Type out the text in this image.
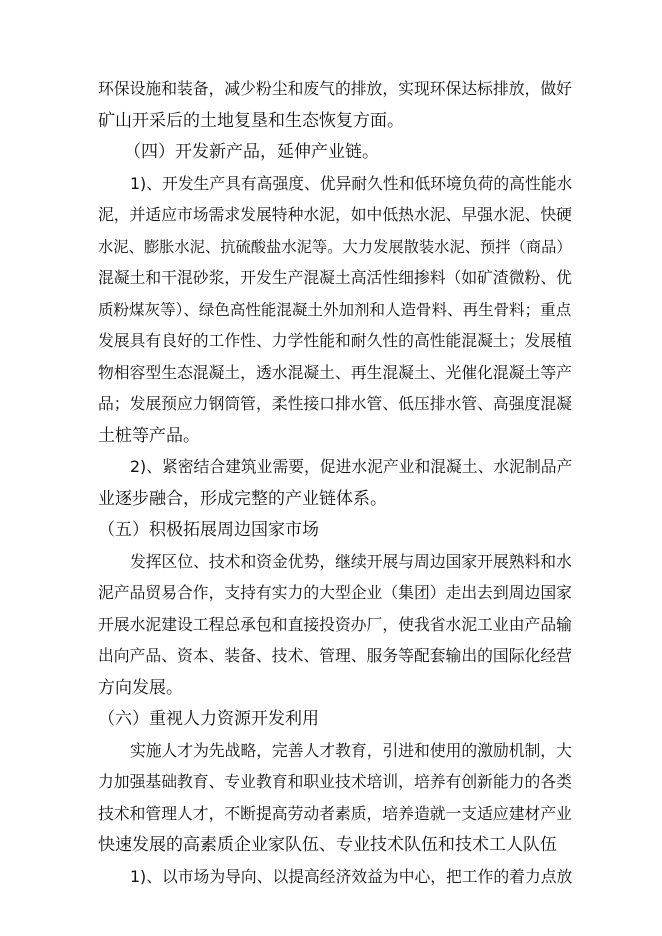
环保设施和装备，减少粉尘和废气的排放，实现环保达标排放，做好
矿山开采后的土地复垦和生态恢复方面。
（四）开发新产品，延伸产业链。
1)、开发生产具有高强度、优异耐久性和低环境负荷的高性能水
泥，并适应市场需求发展特种水泥，如中低热水泥、早强水泥、快硬
水泥、膨胀水泥、抗硫酸盐水泥等。大力发展散装水泥、预拌（商品）
混凝土和干混砂浆，开发生产混凝土高活性细掺料（如矿渣微粉、优
质粉煤灰等）、绿色高性能混凝土外加剂和人造骨料、再生骨料；重点
发展具有良好的工作性、力学性能和耐久性的高性能混凝土；发展植
物相容型生态混凝土，透水混凝土、再生混凝土、光催化混凝土等产
品；发展预应力钢筒管，柔性接口排水管、低压排水管、高强度混凝
土桩等产品。
2)、紧密结合建筑业需要，促进水泥产业和混凝土、水泥制品产
业逐步融合，形成完整的产业链体系。
（五）积极拓展周边国家市场
发挥区位、技术和资金优势，继续开展与周边国家开展熟料和水
泥产品贸易合作，支持有实力的大型企业（集团）走出去到周边国家
开展水泥建设工程总承包和直接投资办厂，使我省水泥工业由产品输
出向产品、资本、装备、技术、管理、服务等配套输出的国际化经营
方向发展。
（六）重视人力资源开发利用
实施人才为先战略，完善人才教育，引进和使用的激励机制，大
力加强基础教育、专业教育和职业技术培训，培养有创新能力的各类
技术和管理人才，不断提高劳动者素质，培养造就一支适应建材产业
快速发展的高素质企业家队伍、专业技术队伍和技术工人队伍
1)、以市场为导向、以提高经济效益为中心，把工作的着力点放
